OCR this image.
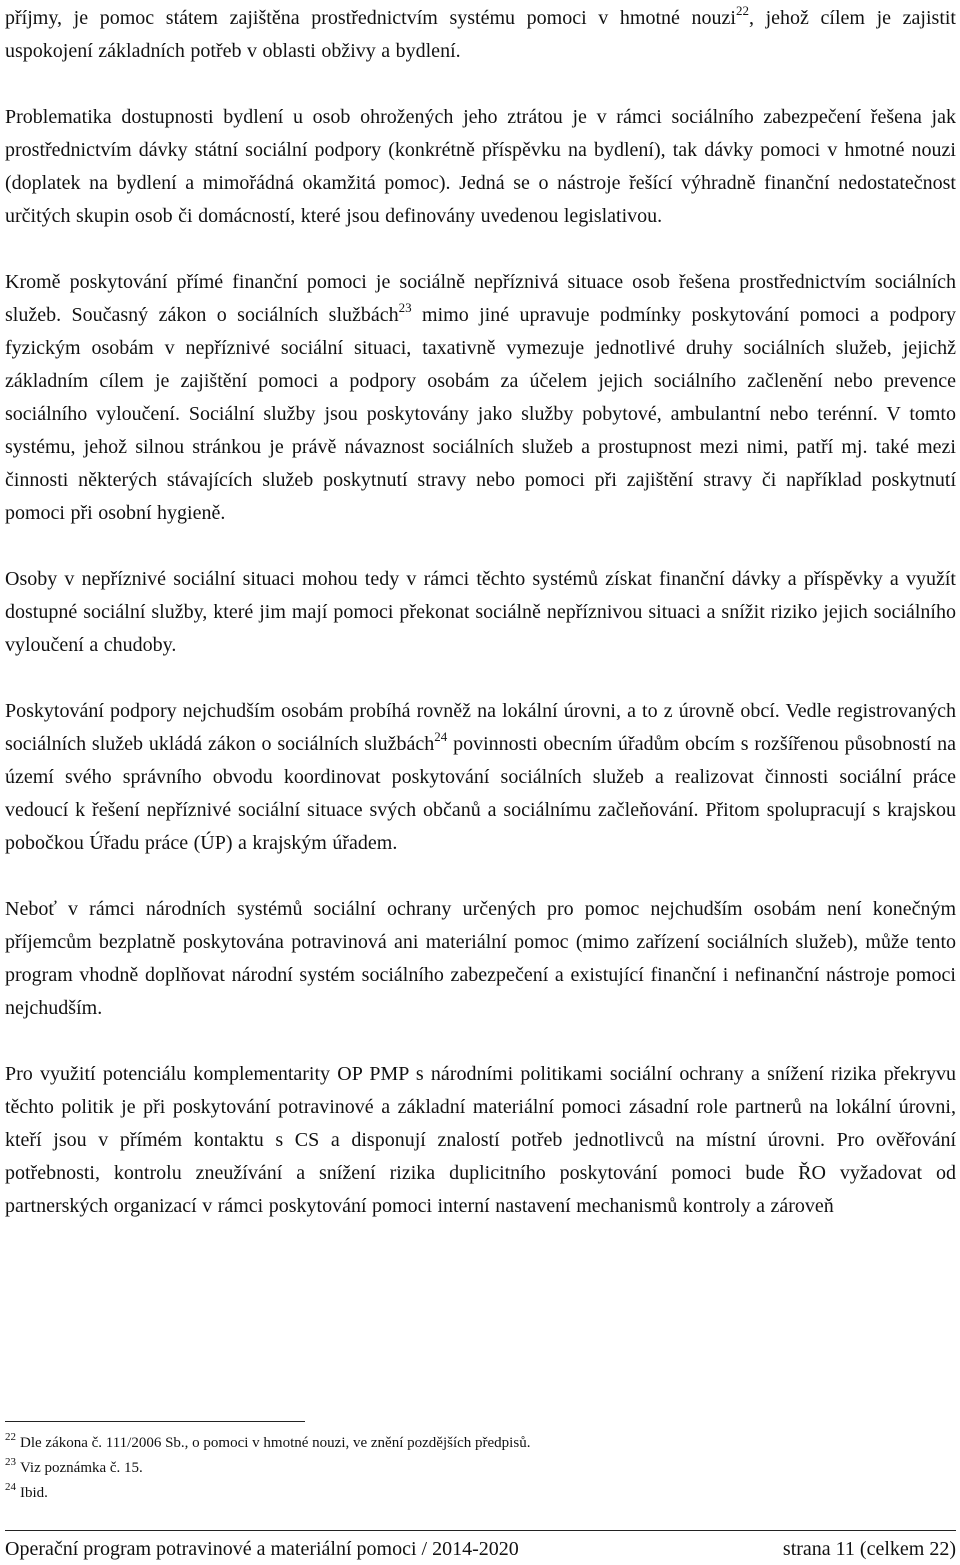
příjmy, je pomoc státem zajištěna prostřednictvím systému pomoci v hmotné nouzi$^{22}$, jehož cílem je zajistit uspokojení základních potřeb v oblasti obživy a bydlení.

Problematika dostupnosti bydlení u osob ohrožených jeho ztrátou je v rámci sociálního zabezpečení řešena jak prostřednictvím dávky státní sociální podpory (konkrétně příspěvku na bydlení), tak dávky pomoci v hmotné nouzi (doplatek na bydlení a mimořádná okamžitá pomoc). Jedná se o nástroje řešící výhradně finanční nedostatečnost určitých skupin osob či domácností, které jsou definovány uvedenou legislativou.

Kromě poskytování přímé finanční pomoci je sociálně nepříznivá situace osob řešena prostřednictvím sociálních služeb. Současný zákon o sociálních službách$^{23}$ mimo jiné upravuje podmínky poskytování pomoci a podpory fyzickým osobám v nepříznivé sociální situaci, taxativně vymezuje jednotlivé druhy sociálních služeb, jejichž základním cílem je zajištění pomoci a podpory osobám za účelem jejich sociálního začlenění nebo prevence sociálního vyloučení. Sociální služby jsou poskytovány jako služby pobytové, ambulantní nebo terénní. V tomto systému, jehož silnou stránkou je právě návaznost sociálních služeb a prostupnost mezi nimi, patří mj. také mezi činnosti některých stávajících služeb poskytnutí stravy nebo pomoci při zajištění stravy či například poskytnutí pomoci při osobní hygieně.

Osoby v nepříznivé sociální situaci mohou tedy v rámci těchto systémů získat finanční dávky a příspěvky a využít dostupné sociální služby, které jim mají pomoci překonat sociálně nepříznivou situaci a snížit riziko jejich sociálního vyloučení a chudoby.

Poskytování podpory nejchudším osobám probíhá rovněž na lokální úrovni, a to z úrovně obcí. Vedle registrovaných sociálních služeb ukládá zákon o sociálních službách$^{24}$ povinnosti obecním úřadům obcím s rozšířenou působností na území svého správního obvodu koordinovat poskytování sociálních služeb a realizovat činnosti sociální práce vedoucí k řešení nepříznivé sociální situace svých občanů a sociálnímu začleňování. Přitom spolupracují s krajskou pobočkou Úřadu práce (ÚP) a krajským úřadem.

Neboť v rámci národních systémů sociální ochrany určených pro pomoc nejchudším osobám není konečným příjemcům bezplatně poskytována potravinová ani materiální pomoc (mimo zařízení sociálních služeb), může tento program vhodně doplňovat národní systém sociálního zabezpečení a existující finanční i nefinanční nástroje pomoci nejchudším.

Pro využití potenciálu komplementarity OP PMP s národními politikami sociální ochrany a snížení rizika překryvu těchto politik je při poskytování potravinové a základní materiální pomoci zásadní role partnerů na lokální úrovni, kteří jsou v přímém kontaktu s CS a disponují znalostí potřeb jednotlivců na místní úrovni. Pro ověřování potřebnosti, kontrolu zneužívání a snížení rizika duplicitního poskytování pomoci bude ŘO vyžadovat od partnerských organizací v rámci poskytování pomoci interní nastavení mechanismů kontroly a zároveň

$^{22}$ Dle zákona č. 111/2006 Sb., o pomoci v hmotné nouzi, ve znění pozdějších předpisů.

$^{23}$ Viz poznámka č. 15.

$^{24}$ Ibid.

Operační program potravinové a materiální pomoci / 2014-2020	strana 11 (celkem 22)
